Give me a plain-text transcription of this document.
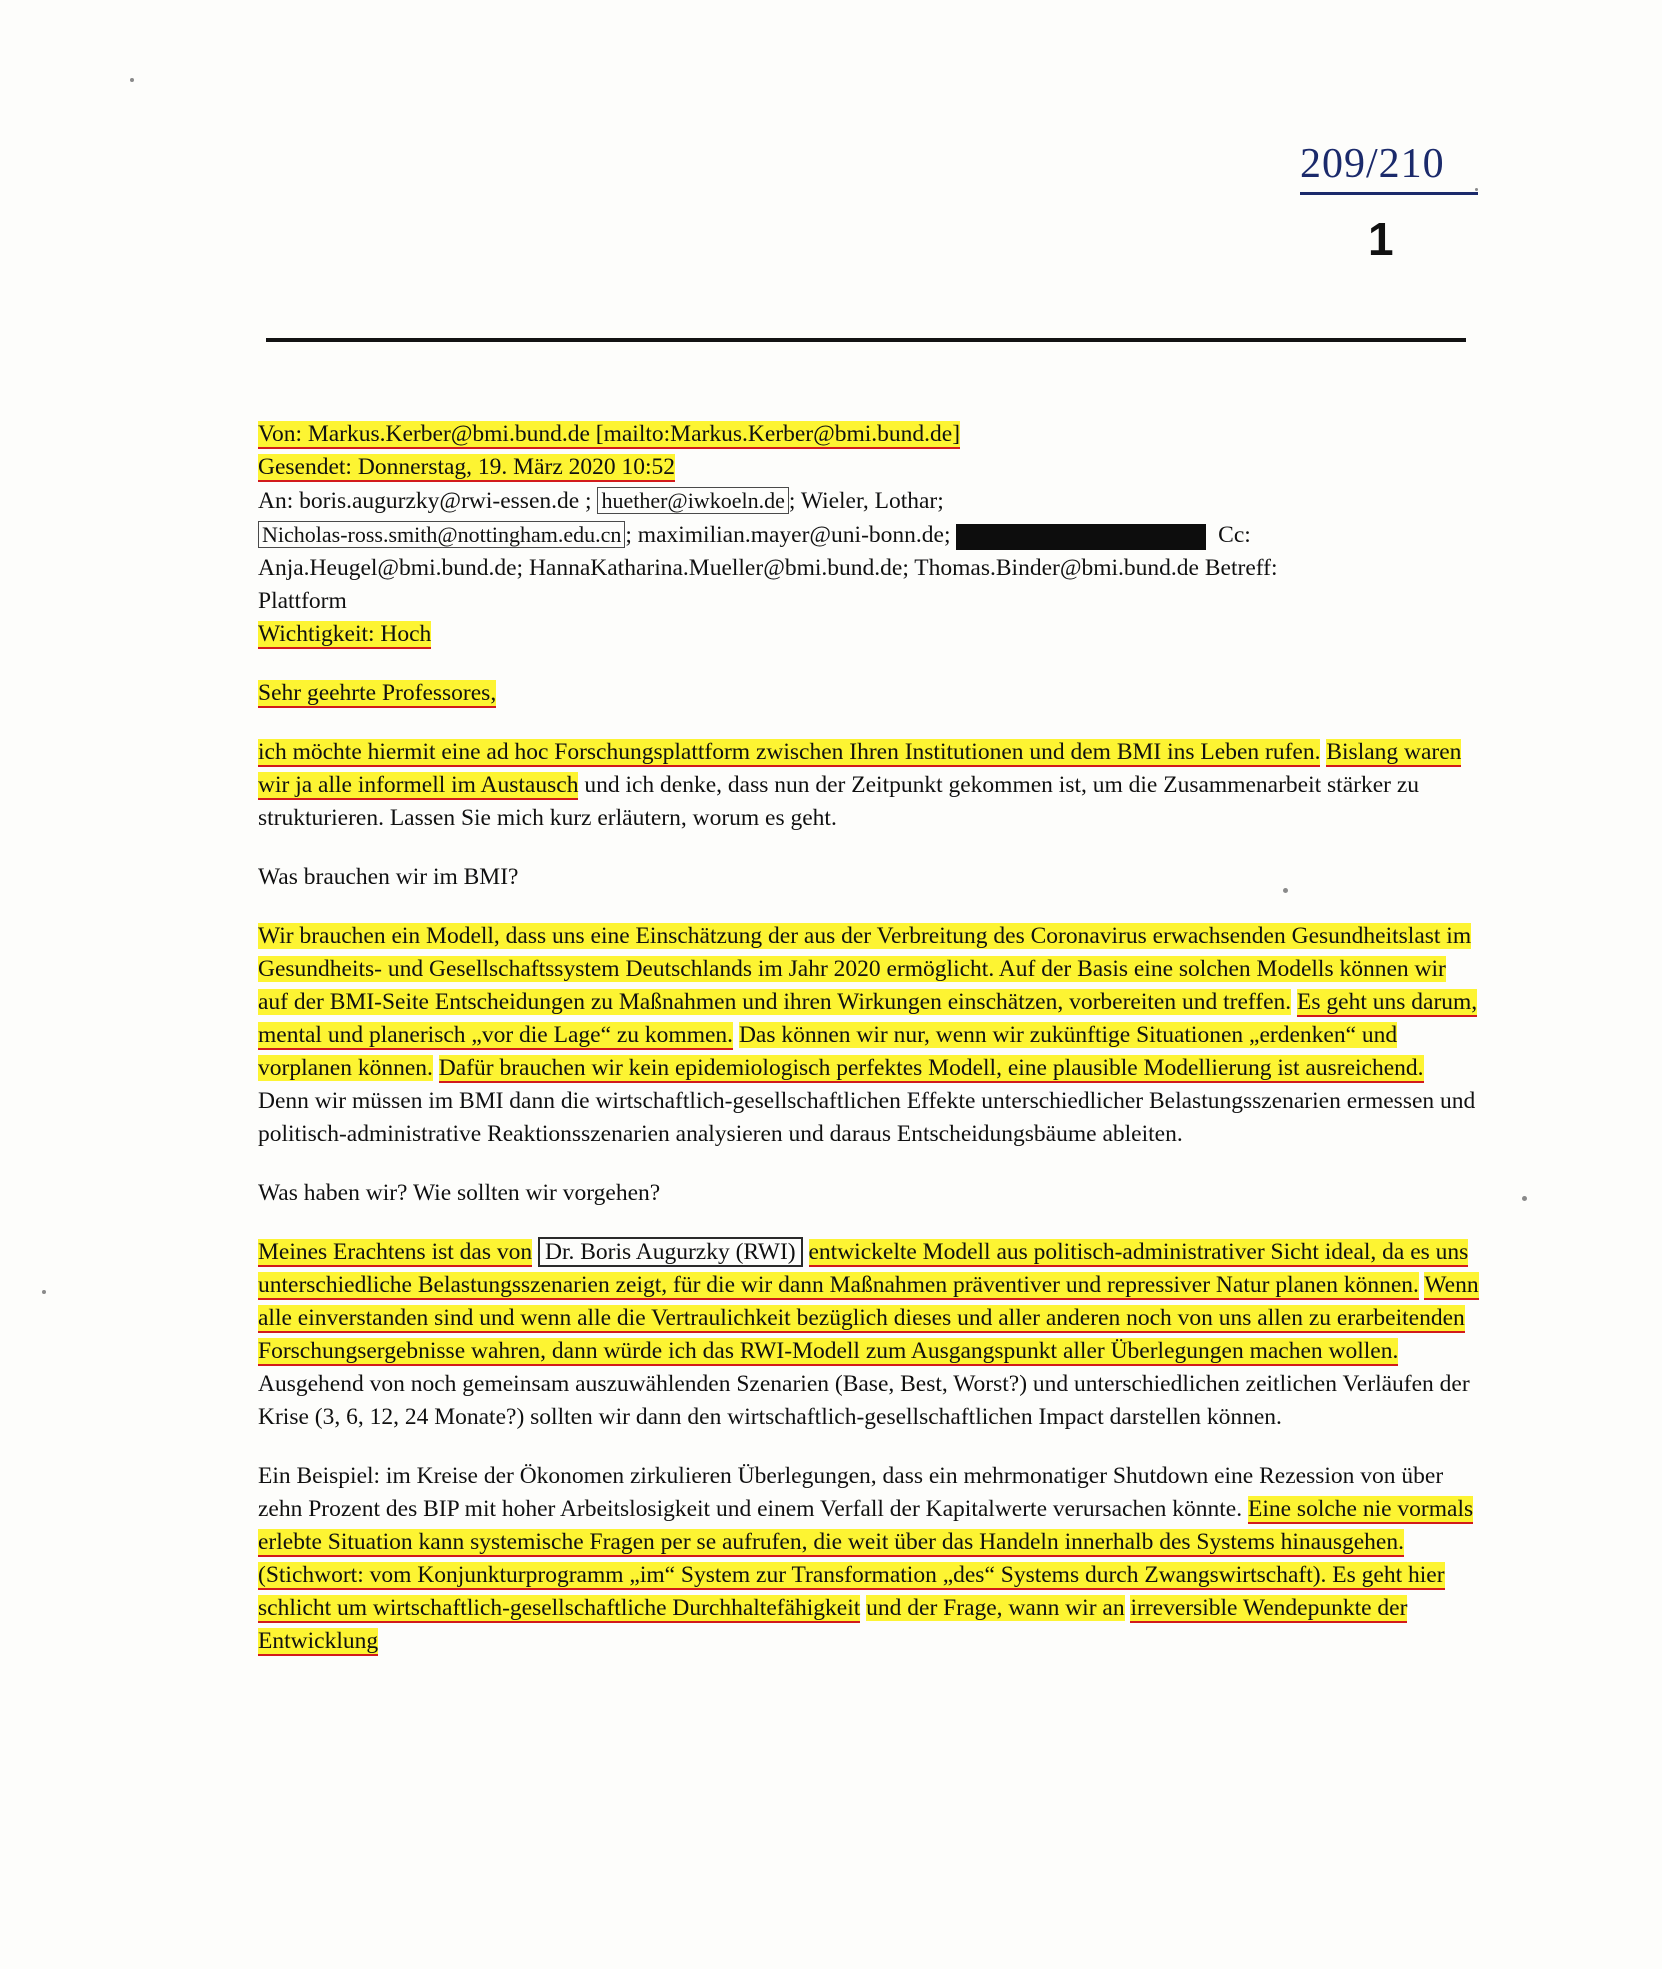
209/210
1

Von: Markus.Kerber@bmi.bund.de [mailto:Markus.Kerber@bmi.bund.de]
Gesendet: Donnerstag, 19. März 2020 10:52
An: boris.augurzky@rwi-essen.de ; huether@iwkoeln.de ; Wieler, Lothar;
Nicholas-ross.smith@nottingham.edu.cn ; maximilian.mayer@uni-bonn.de;	Cc:
Anja.Heugel@bmi.bund.de; HannaKatharina.Mueller@bmi.bund.de; Thomas.Binder@bmi.bund.de Betreff:
Plattform
Wichtigkeit: Hoch

Sehr geehrte Professores,

ich möchte hiermit eine ad hoc Forschungsplattform zwischen Ihren Institutionen und dem BMI ins Leben rufen. Bislang waren wir ja alle informell im Austausch und ich denke, dass nun der Zeitpunkt gekommen ist, um die Zusammenarbeit stärker zu strukturieren. Lassen Sie mich kurz erläutern, worum es geht.

Was brauchen wir im BMI?

Wir brauchen ein Modell, dass uns eine Einschätzung der aus der Verbreitung des Coronavirus erwachsenden Gesundheitslast im Gesundheits- und Gesellschaftssystem Deutschlands im Jahr 2020 ermöglicht. Auf der Basis eine solchen Modells können wir auf der BMI-Seite Entscheidungen zu Maßnahmen und ihren Wirkungen einschätzen, vorbereiten und treffen. Es geht uns darum, mental und planerisch „vor die Lage“ zu kommen. Das können wir nur, wenn wir zukünftige Situationen „erdenken“ und vorplanen können. Dafür brauchen wir kein epidemiologisch perfektes Modell, eine plausible Modellierung ist ausreichend. Denn wir müssen im BMI dann die wirtschaftlich-gesellschaftlichen Effekte unterschiedlicher Belastungsszenarien ermessen und politisch-administrative Reaktionsszenarien analysieren und daraus Entscheidungsbäume ableiten.

Was haben wir? Wie sollten wir vorgehen?

Meines Erachtens ist das von Dr. Boris Augurzky (RWI) entwickelte Modell aus politisch-administrativer Sicht ideal, da es uns unterschiedliche Belastungsszenarien zeigt, für die wir dann Maßnahmen präventiver und repressiver Natur planen können. Wenn alle einverstanden sind und wenn alle die Vertraulichkeit bezüglich dieses und aller anderen noch von uns allen zu erarbeitenden Forschungsergebnisse wahren, dann würde ich das RWI-Modell zum Ausgangspunkt aller Überlegungen machen wollen. Ausgehend von noch gemeinsam auszuwählenden Szenarien (Base, Best, Worst?) und unterschiedlichen zeitlichen Verläufen der Krise (3, 6, 12, 24 Monate?) sollten wir dann den wirtschaftlich-gesellschaftlichen Impact darstellen können.

Ein Beispiel: im Kreise der Ökonomen zirkulieren Überlegungen, dass ein mehrmonatiger Shutdown eine Rezession von über zehn Prozent des BIP mit hoher Arbeitslosigkeit und einem Verfall der Kapitalwerte verursachen könnte. Eine solche nie vormals erlebte Situation kann systemische Fragen per se aufrufen, die weit über das Handeln innerhalb des Systems hinausgehen. (Stichwort: vom Konjunkturprogramm „im“ System zur Transformation „des“ Systems durch Zwangswirtschaft). Es geht hier schlicht um wirtschaftlich-gesellschaftliche Durchhaltefähigkeit und der Frage, wann wir an irreversible Wendepunkte der Entwicklung
